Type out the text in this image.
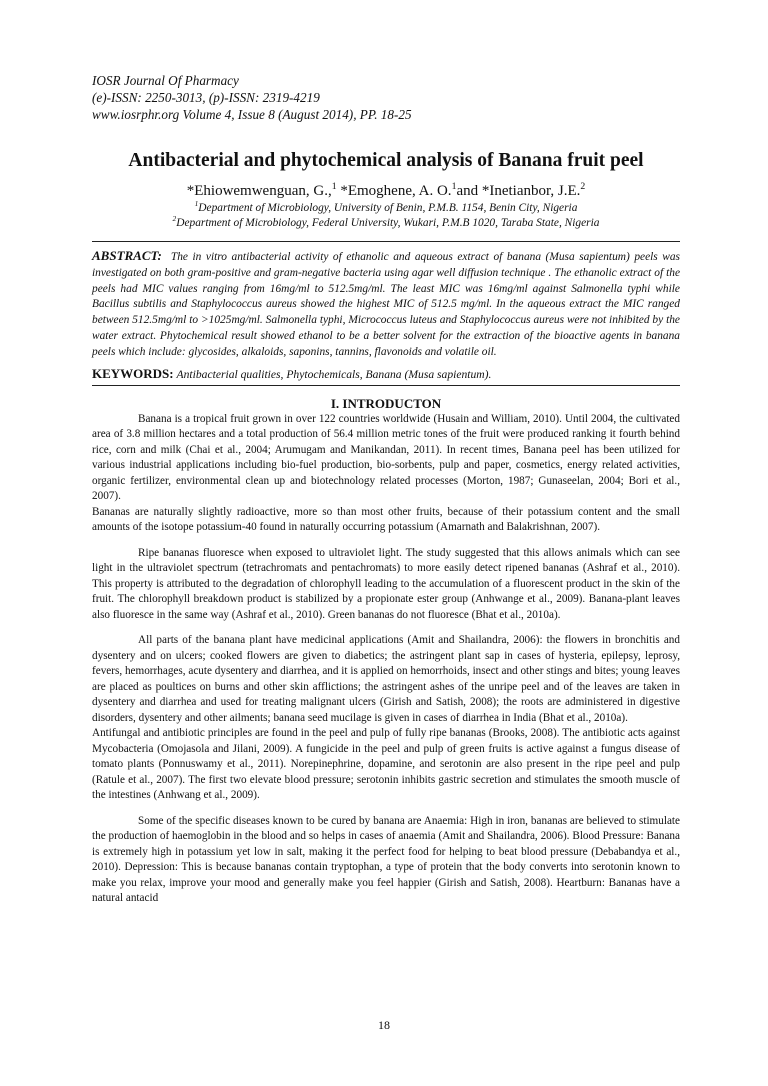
IOSR Journal Of Pharmacy
(e)-ISSN: 2250-3013, (p)-ISSN: 2319-4219
www.iosrphr.org Volume 4, Issue 8 (August 2014), PP. 18-25
Antibacterial and phytochemical analysis of Banana fruit peel
*Ehiowemwenguan, G.,$^1$ *Emoghene, A. O.$^1$and *Inetianbor, J.E.$^2$
$^1$Department of Microbiology, University of Benin, P.M.B. 1154, Benin City, Nigeria
$^2$Department of Microbiology, Federal University, Wukari, P.M.B 1020, Taraba State, Nigeria
ABSTRACT: The in vitro antibacterial activity of ethanolic and aqueous extract of banana (Musa sapientum) peels was investigated on both gram-positive and gram-negative bacteria using agar well diffusion technique . The ethanolic extract of the peels had MIC values ranging from 16mg/ml to 512.5mg/ml. The least MIC was 16mg/ml against Salmonella typhi while Bacillus subtilis and Staphylococcus aureus showed the highest MIC of 512.5 mg/ml. In the aqueous extract the MIC ranged between 512.5mg/ml to >1025mg/ml. Salmonella typhi, Micrococcus luteus and Staphylococcus aureus were not inhibited by the water extract. Phytochemical result showed ethanol to be a better solvent for the extraction of the bioactive agents in banana peels which include: glycosides, alkaloids, saponins, tannins, flavonoids and volatile oil.
KEYWORDS: Antibacterial qualities, Phytochemicals, Banana (Musa sapientum).
I. INTRODUCTON

Banana is a tropical fruit grown in over 122 countries worldwide (Husain and William, 2010). Until 2004, the cultivated area of 3.8 million hectares and a total production of 56.4 million metric tones of the fruit were produced ranking it fourth behind rice, corn and milk (Chai et al., 2004; Arumugam and Manikandan, 2011). In recent times, Banana peel has been utilized for various industrial applications including bio-fuel production, bio-sorbents, pulp and paper, cosmetics, energy related activities, organic fertilizer, environmental clean up and biotechnology related processes (Morton, 1987; Gunaseelan, 2004; Bori et al., 2007).

Bananas are naturally slightly radioactive, more so than most other fruits, because of their potassium content and the small amounts of the isotope potassium-40 found in naturally occurring potassium (Amarnath and Balakrishnan, 2007).

Ripe bananas fluoresce when exposed to ultraviolet light. The study suggested that this allows animals which can see light in the ultraviolet spectrum (tetrachromats and pentachromats) to more easily detect ripened bananas (Ashraf et al., 2010). This property is attributed to the degradation of chlorophyll leading to the accumulation of a fluorescent product in the skin of the fruit. The chlorophyll breakdown product is stabilized by a propionate ester group (Anhwange et al., 2009). Banana-plant leaves also fluoresce in the same way (Ashraf et al., 2010). Green bananas do not fluoresce (Bhat et al., 2010a).

All parts of the banana plant have medicinal applications (Amit and Shailandra, 2006): the flowers in bronchitis and dysentery and on ulcers; cooked flowers are given to diabetics; the astringent plant sap in cases of hysteria, epilepsy, leprosy, fevers, hemorrhages, acute dysentery and diarrhea, and it is applied on hemorrhoids, insect and other stings and bites; young leaves are placed as poultices on burns and other skin afflictions; the astringent ashes of the unripe peel and of the leaves are taken in dysentery and diarrhea and used for treating malignant ulcers (Girish and Satish, 2008); the roots are administered in digestive disorders, dysentery and other ailments; banana seed mucilage is given in cases of diarrhea in India (Bhat et al., 2010a).

Antifungal and antibiotic principles are found in the peel and pulp of fully ripe bananas (Brooks, 2008). The antibiotic acts against Mycobacteria (Omojasola and Jilani, 2009). A fungicide in the peel and pulp of green fruits is active against a fungus disease of tomato plants (Ponnuswamy et al., 2011). Norepinephrine, dopamine, and serotonin are also present in the ripe peel and pulp (Ratule et al., 2007). The first two elevate blood pressure; serotonin inhibits gastric secretion and stimulates the smooth muscle of the intestines (Anhwang et al., 2009).

Some of the specific diseases known to be cured by banana are Anaemia: High in iron, bananas are believed to stimulate the production of haemoglobin in the blood and so helps in cases of anaemia (Amit and Shailandra, 2006). Blood Pressure: Banana is extremely high in potassium yet low in salt, making it the perfect food for helping to beat blood pressure (Debabandya et al., 2010). Depression: This is because bananas contain tryptophan, a type of protein that the body converts into serotonin known to make you relax, improve your mood and generally make you feel happier (Girish and Satish, 2008). Heartburn: Bananas have a natural antacid

18
